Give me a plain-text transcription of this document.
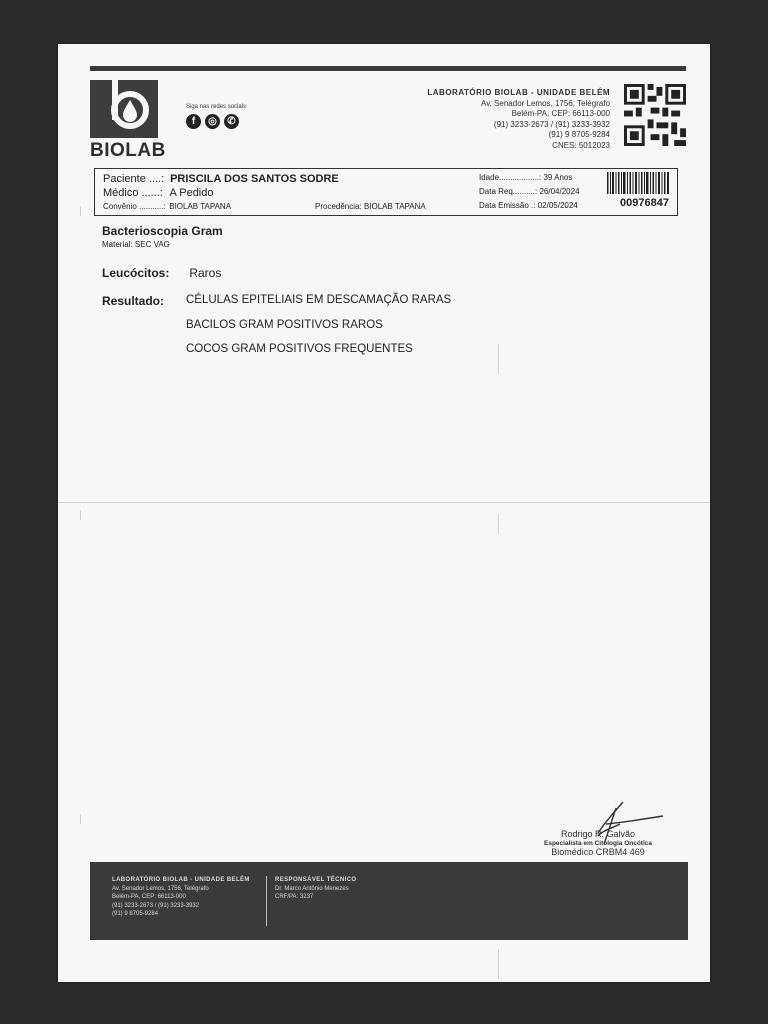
BIOLAB
Siga nas redes sociais
f	◎	✆
LABORATÓRIO BIOLAB - UNIDADE BELÉM
Av. Senador Lemos, 1756, Telégrafo
Belém-PA, CEP: 66113-000
(91) 3233-2673 / (91) 3233-3932
(91) 9 8705-9284
CNES: 5012023
Paciente ....: PRISCILA DOS SANTOS SODRE
Médico ......: A Pedido
Convênio ...........: BIOLAB TAPANA	Procedência: BIOLAB TAPANA
Idade..................: 39 Anos
Data Req..........: 26/04/2024
Data Emissão .: 02/05/2024	00976847
Bacterioscopia Gram
Material: SEC VAG
Leucócitos: Raros
Resultado: CÉLULAS EPITELIAIS EM DESCAMAÇÃO RARAS
BACILOS GRAM POSITIVOS RAROS
COCOS GRAM POSITIVOS FREQUENTES
Rodrigo R. Galvão
Especialista em Citologia Oncótica
Biomédico CRBM4 469
LABORATÓRIO BIOLAB - UNIDADE BELÉM
Av. Senador Lemos, 1756, Telégrafo
Belém-PA, CEP: 66113-000
(91) 3233-2673 / (91) 3233-3932
(91) 9 8705-9284
RESPONSÁVEL TÉCNICO
Dr. Marco Antônio Menezes
CRF/PA: 3237
